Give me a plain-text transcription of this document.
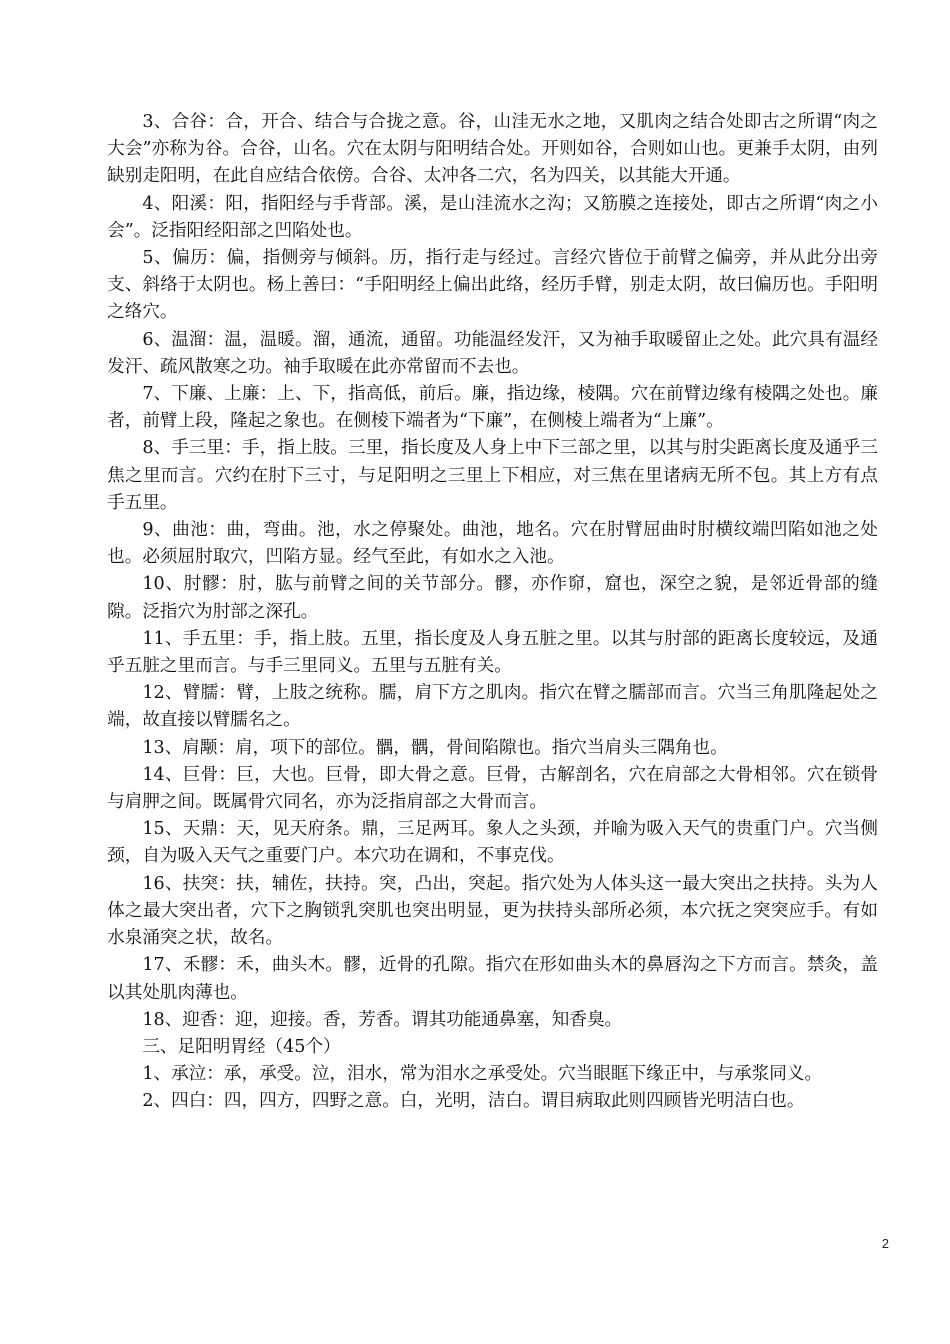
3、合谷：合，开合、结合与合拢之意。谷，山洼无水之地，又肌肉之结合处即古之所谓“肉之大会”亦称为谷。合谷，山名。穴在太阴与阳明结合处。开则如谷，合则如山也。更兼手太阴，由列缺别走阳明，在此自应结合依傍。合谷、太冲各二穴，名为四关，以其能大开通。

4、阳溪：阳，指阳经与手背部。溪，是山洼流水之沟；又筋膜之连接处，即古之所谓“肉之小会”。泛指阳经阳部之凹陷处也。

5、偏历：偏，指侧旁与倾斜。历，指行走与经过。言经穴皆位于前臂之偏旁，并从此分出旁支、斜络于太阴也。杨上善曰：“手阳明经上偏出此络，经历手臂，别走太阴，故曰偏历也。手阳明之络穴。

6、温溜：温，温暖。溜，通流，通留。功能温经发汗，又为袖手取暖留止之处。此穴具有温经发汗、疏风散寒之功。袖手取暖在此亦常留而不去也。

7、下廉、上廉：上、下，指高低，前后。廉，指边缘，棱隅。穴在前臂边缘有棱隅之处也。廉者，前臂上段，隆起之象也。在侧棱下端者为“下廉”，在侧棱上端者为“上廉”。

8、手三里：手，指上肢。三里，指长度及人身上中下三部之里，以其与肘尖距离长度及通乎三焦之里而言。穴约在肘下三寸，与足阳明之三里上下相应，对三焦在里诸病无所不包。其上方有点手五里。

9、曲池：曲，弯曲。池，水之停聚处。曲池，地名。穴在肘臂屈曲时肘横纹端凹陷如池之处也。必须屈肘取穴，凹陷方显。经气至此，有如水之入池。

10、肘髎：肘，肱与前臂之间的关节部分。髎，亦作窌，窟也，深空之貌，是邻近骨部的缝隙。泛指穴为肘部之深孔。

11、手五里：手，指上肢。五里，指长度及人身五脏之里。以其与肘部的距离长度较远，及通乎五脏之里而言。与手三里同义。五里与五脏有关。

12、臂臑：臂，上肢之统称。臑，肩下方之肌肉。指穴在臂之臑部而言。穴当三角肌隆起处之端，故直接以臂臑名之。

13、肩颙：肩，项下的部位。髃，髃，骨间陷隙也。指穴当肩头三隅角也。

14、巨骨：巨，大也。巨骨，即大骨之意。巨骨，古解剖名，穴在肩部之大骨相邻。穴在锁骨与肩胛之间。既属骨穴同名，亦为泛指肩部之大骨而言。

15、天鼎：天，见天府条。鼎，三足两耳。象人之头颈，并喻为吸入天气的贵重门户。穴当侧颈，自为吸入天气之重要门户。本穴功在调和，不事克伐。

16、扶突：扶，辅佐，扶持。突，凸出，突起。指穴处为人体头这一最大突出之扶持。头为人体之最大突出者，穴下之胸锁乳突肌也突出明显，更为扶持头部所必须，本穴抚之突突应手。有如水泉涌突之状，故名。

17、禾髎：禾，曲头木。髎，近骨的孔隙。指穴在形如曲头木的鼻唇沟之下方而言。禁灸，盖以其处肌肉薄也。

18、迎香：迎，迎接。香，芳香。谓其功能通鼻塞，知香臭。

三、足阳明胃经（45个）

1、承泣：承，承受。泣，泪水，常为泪水之承受处。穴当眼眶下缘正中，与承浆同义。

2、四白：四，四方，四野之意。白，光明，洁白。谓目病取此则四顾皆光明洁白也。

2
